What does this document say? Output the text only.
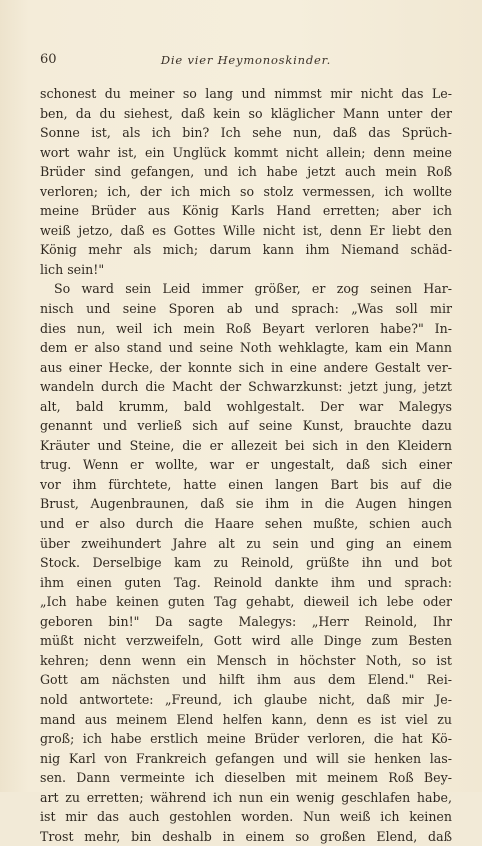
60	Die vier Heymonoskinder.
schonest du meiner so lang und nimmst mir nicht das Le-
ben, da du siehest, daß kein so kläglicher Mann unter der
Sonne ist, als ich bin? Ich sehe nun, daß das Sprüch-
wort wahr ist, ein Unglück kommt nicht allein; denn meine
Brüder sind gefangen, und ich habe jetzt auch mein Roß
verloren; ich, der ich mich so stolz vermessen, ich wollte
meine Brüder aus König Karls Hand erretten; aber ich
weiß jetzo, daß es Gottes Wille nicht ist, denn Er liebt den
König mehr als mich; darum kann ihm Niemand schäd-
lich sein!"
So ward sein Leid immer größer, er zog seinen Har-
nisch und seine Sporen ab und sprach: „Was soll mir
dies nun, weil ich mein Roß Beyart verloren habe?" In-
dem er also stand und seine Noth wehklagte, kam ein Mann
aus einer Hecke, der konnte sich in eine andere Gestalt ver-
wandeln durch die Macht der Schwarzkunst: jetzt jung, jetzt
alt, bald krumm, bald wohlgestalt. Der war Malegys
genannt und verließ sich auf seine Kunst, brauchte dazu
Kräuter und Steine, die er allezeit bei sich in den Kleidern
trug. Wenn er wollte, war er ungestalt, daß sich einer
vor ihm fürchtete, hatte einen langen Bart bis auf die
Brust, Augenbraunen, daß sie ihm in die Augen hingen
und er also durch die Haare sehen mußte, schien auch
über zweihundert Jahre alt zu sein und ging an einem
Stock. Derselbige kam zu Reinold, grüßte ihn und bot
ihm einen guten Tag. Reinold dankte ihm und sprach:
„Ich habe keinen guten Tag gehabt, dieweil ich lebe oder
geboren bin!" Da sagte Malegys: „Herr Reinold, Ihr
müßt nicht verzweifeln, Gott wird alle Dinge zum Besten
kehren; denn wenn ein Mensch in höchster Noth, so ist
Gott am nächsten und hilft ihm aus dem Elend." Rei-
nold antwortete: „Freund, ich glaube nicht, daß mir Je-
mand aus meinem Elend helfen kann, denn es ist viel zu
groß; ich habe erstlich meine Brüder verloren, die hat Kö-
nig Karl von Frankreich gefangen und will sie henken las-
sen. Dann vermeinte ich dieselben mit meinem Roß Bey-
art zu erretten; während ich nun ein wenig geschlafen habe,
ist mir das auch gestohlen worden. Nun weiß ich keinen
Trost mehr, bin deshalb in einem so großen Elend, daß
